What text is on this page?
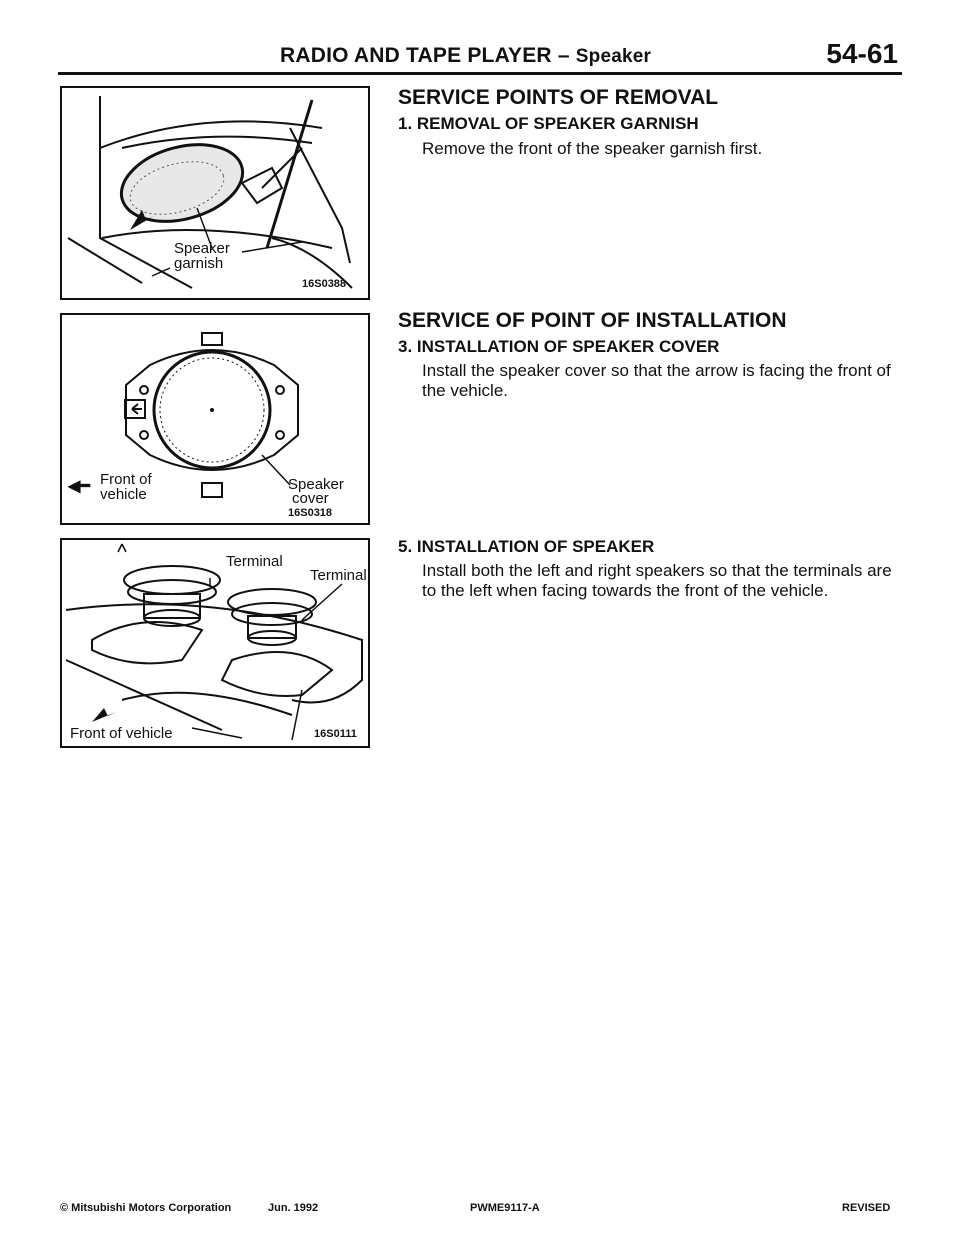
RADIO AND TAPE PLAYER – Speaker	54-61
Speaker
garnish
16S0388
Front of
vehicle
◀━	Speaker
cover
16S0318
Terminal
Terminal
Front of vehicle	16S0111
SERVICE POINTS OF REMOVAL
1. REMOVAL OF SPEAKER GARNISH
Remove the front of the speaker garnish first.
SERVICE OF POINT OF INSTALLATION
3. INSTALLATION OF SPEAKER COVER
Install the speaker cover so that the arrow is facing the front of the vehicle.
5. INSTALLATION OF SPEAKER
Install both the left and right speakers so that the terminals are to the left when facing towards the front of the vehicle.
© Mitsubishi Motors Corporation	Jun. 1992	PWME9117-A	REVISED
